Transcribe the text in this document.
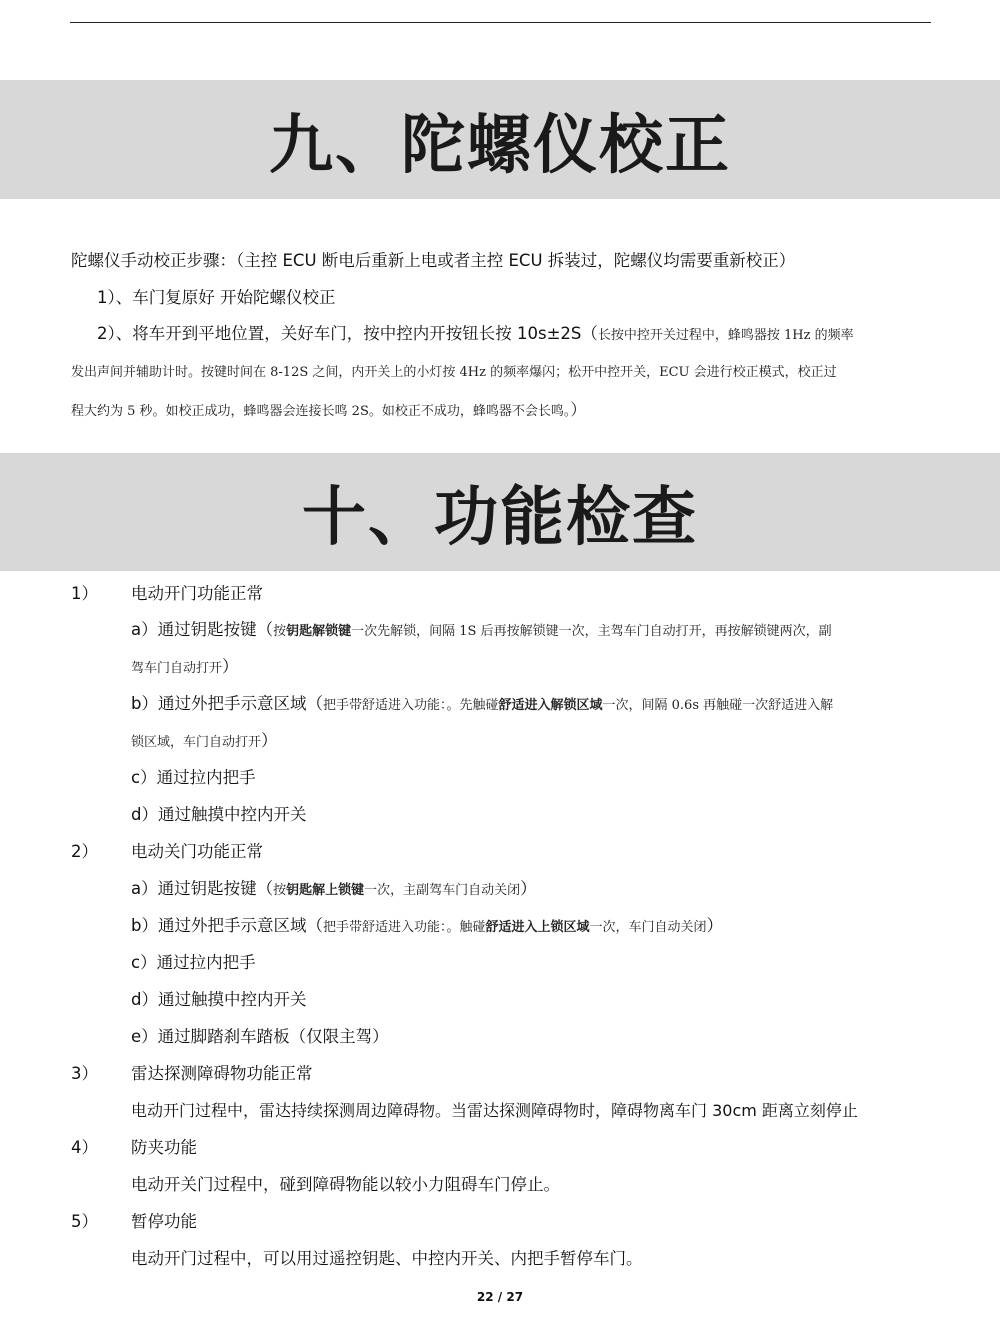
九、陀螺仪校正
陀螺仪手动校正步骤：（主控 ECU 断电后重新上电或者主控 ECU 拆装过，陀螺仪均需要重新校正）
1）、车门复原好 开始陀螺仪校正
2）、将车开到平地位置，关好车门，按中控内开按钮长按 10s±2S（长按中控开关过程中，蜂鸣器按 1Hz 的频率
发出声间并辅助计时。按键时间在 8-12S 之间，内开关上的小灯按 4Hz 的频率爆闪；松开中控开关，ECU 会进行校正模式，校正过
程大约为 5 秒。如校正成功，蜂鸣器会连接长鸣 2S。如校正不成功，蜂鸣器不会长鸣。）
十、功能检查
1） 电动开门功能正常
a）通过钥匙按键（按钥匙解锁键一次先解锁，间隔 1S 后再按解锁键一次，主驾车门自动打开，再按解锁键两次，副
驾车门自动打开）
b）通过外把手示意区域（把手带舒适进入功能：。先触碰舒适进入解锁区域一次，间隔 0.6s 再触碰一次舒适进入解
锁区域，车门自动打开）
c）通过拉内把手
d）通过触摸中控内开关
2） 电动关门功能正常
a）通过钥匙按键（按钥匙解上锁键一次，主副驾车门自动关闭）
b）通过外把手示意区域（把手带舒适进入功能：。触碰舒适进入上锁区域一次，车门自动关闭）
c）通过拉内把手
d）通过触摸中控内开关
e）通过脚踏刹车踏板（仅限主驾）
3） 雷达探测障碍物功能正常
电动开门过程中，雷达持续探测周边障碍物。当雷达探测障碍物时，障碍物离车门 30cm 距离立刻停止
4） 防夹功能
电动开关门过程中，碰到障碍物能以较小力阻碍车门停止。
5） 暂停功能
电动开门过程中，可以用过遥控钥匙、中控内开关、内把手暂停车门。
22 / 27
